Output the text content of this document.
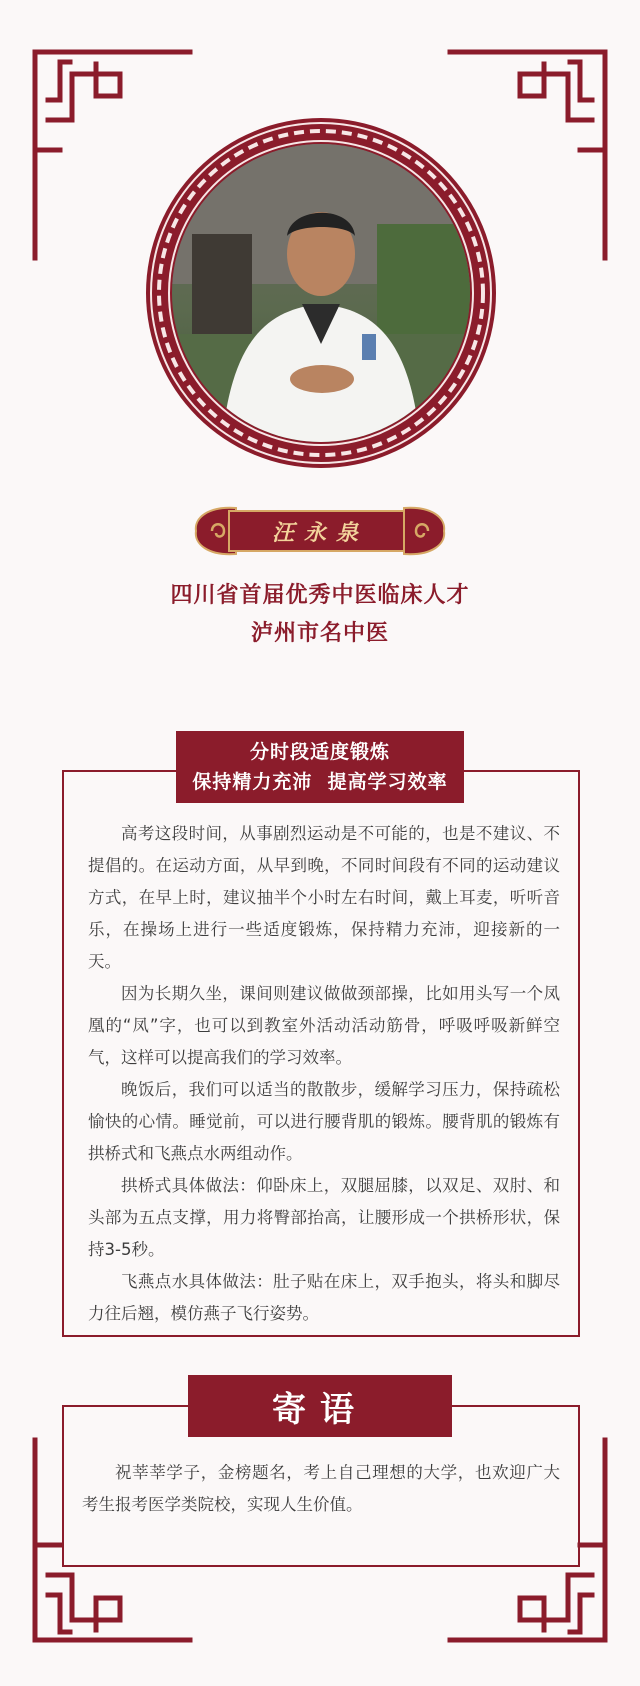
汪永泉
四川省首届优秀中医临床人才
泸州市名中医
分时段适度锻炼
保持精力充沛  提高学习效率

高考这段时间，从事剧烈运动是不可能的，也是不建议、不提倡的。在运动方面，从早到晚，不同时间段有不同的运动建议方式，在早上时，建议抽半个小时左右时间，戴上耳麦，听听音乐，在操场上进行一些适度锻炼，保持精力充沛，迎接新的一天。

因为长期久坐，课间则建议做做颈部操，比如用头写一个凤凰的“凤”字，也可以到教室外活动活动筋骨，呼吸呼吸新鲜空气，这样可以提高我们的学习效率。

晚饭后，我们可以适当的散散步，缓解学习压力，保持疏松愉快的心情。睡觉前，可以进行腰背肌的锻炼。腰背肌的锻炼有拱桥式和飞燕点水两组动作。

拱桥式具体做法：仰卧床上，双腿屈膝，以双足、双肘、和头部为五点支撑，用力将臀部抬高，让腰形成一个拱桥形状，保持3-5秒。

飞燕点水具体做法：肚子贴在床上，双手抱头，将头和脚尽力往后翘，模仿燕子飞行姿势。

寄语

祝莘莘学子，金榜题名，考上自己理想的大学，也欢迎广大考生报考医学类院校，实现人生价值。
